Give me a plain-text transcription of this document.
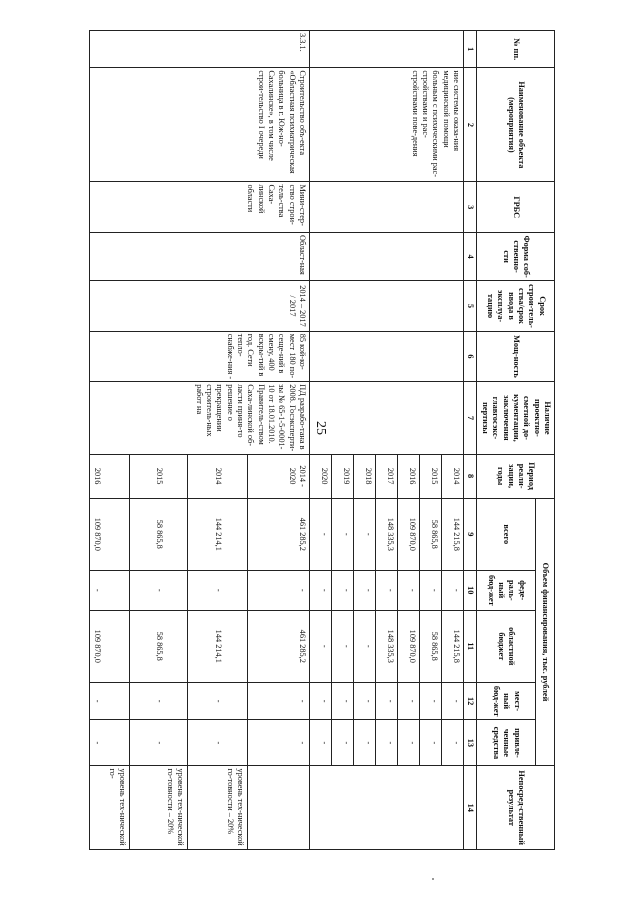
25
№ пп.	Наименование объекта (мероприятия)	ГРБС	Форма соб-ственно-сти	Срок строи-тель-ства/срок ввода в эксплуа-тацию	Мощ-ность	Наличие проектно-сметной до-кументации, заключения главгосэкс-пертизы	Период реали-зации, годы	Объем финансирования, тыс. рублей					Непосред-ственный результат
								всего	феде-раль-ный бюд-жет	областной бюджет	мест-ный бюд-жет	привле-ченные средства	
1	2	3	4	5	6	7	8	9	10	11	12	13	14
	ние системы оказа-ния медицинской помощи больным с психическими рас-стройствами и рас-стройствами пове-дения						2014	144 215,8	-	144 215,8	-	-	
							2015	58 865,8	-	58 865,8	-	-	
							2016	109 870,0	-	109 870,0	-	-	
							2017	148 335,3	-	148 335,3	-	-	
							2018	-	-	-	-	-	
							2019	-	-	-	-	-	
							2020	-	-	-	-	-	
3.3.1.	Строительство объ-екта «Областная психиатрическая больница в г. Юж-но-Сахалинске», в том числе строи-тельство I очереди	Мини-стер-ство строи-тель-ства Саха-линской области	Област-ная	2014 – 2017 / 2017	85 кой-ко-мест 180 по-сеще-ний в смену, 400 вскры-тий в год. Сети тепло-снабже-ния -	ПД разрабо-тана в 2008. Госэксперти-зы № 65-1-5-0001-10 от 18.01.2010. Правитель-ством Саха-линской об-ласти приня-то решение о прекращении строитель-ных работ на	2014 - 2020	461 285,2	-	461 285,2	-	-	
							2014	144 214,1	-	144 214,1	-	-	уровень тех-нической го-товности – 20%
							2015	58 865,8	-	58 865,8	-	-	уровень тех-нической го-товности – 20%
							2016	109 870,0	-	109 870,0	-	-	уровень тех-нической го-
